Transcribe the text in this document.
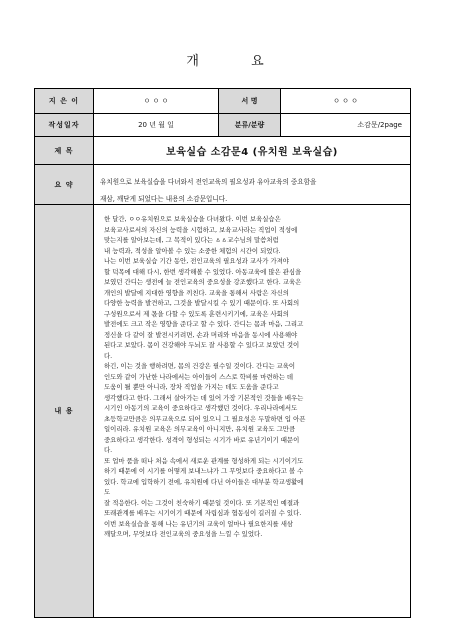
개 요
지 은 이	ㅇ ㅇ ㅇ	서 명	ㅇ ㅇ ㅇ
작성일자	20 년 월 일	분류/분량	소감문/2page
제 목	보육실습 소감문4 (유치원 보육실습)
요 약	유치원으로 보육실습을 다녀와서 전인교육의 필요성과 유아교육의 중요함을

재삼, 깨닫게 되었다는 내용의 소감문입니다.

내 용

한 달간, ㅇㅇ유치원으로 보육실습을 다녀왔다. 이번 보육실습은

보육교사로서의 자신의 능력을 시험하고, 보육교사라는 직업이 적성에

맞는지를 알아보는데, 그 목적이 있다는 ㅿㅿ교수님의 말씀처럼

내 능력과, 적성을 알아볼 수 있는 소중한 체험의 시간이 되었다.

나는 이번 보육실습 기간 동안, 전인교육의 필요성과 교사가 가져야

할 덕목에 대해 다시, 한번 생각해볼 수 있었다. 아동교육에 많은 관심을

보였던 간디는 생전에 늘 전인교육의 중요성을 강조했다고 한다. 교육은

개인의 발달에 지대한 영향을 끼친다. 교육을 통해서 사람은 자신의

다양한 능력을 발견하고, 그것을 발달시킬 수 있기 때문이다. 또 사회의

구성원으로서 제 몫을 다할 수 있도록 훈련시키기에, 교육은 사회의

발전에도 크고 작은 영향을 준다고 할 수 있다. 간디는 몸과 마음, 그리고

정신을 다 같이 잘 발전시키려면, 손과 머리와 마음을 동시에 사용해야

된다고 보았다. 몸이 건강해야 두뇌도 잘 사용할 수 있다고 보았던 것이

다.

하긴, 이는 것을 행하려면, 몸의 건강은 필수일 것이다. 간디는 교육이

인도와 같이 가난한 나라에서는 아이들이 스스로 학비를 마련하는 데

도움이 될 뿐만 아니라, 장차 직업을 가지는 데도 도움을 준다고

생각했다고 한다. 그래서 살아가는 데 있어 가장 기본적인 것들을 배우는

시기인 아동기의 교육이 중요하다고 생각했던 것이다. 우리나라에서도

초등학교만큼은 의무교육으로 되어 있으니 그 필요성은 두말하면 입 아픈

일이리라. 유치원 교육은 의무교육이 아니지만, 유치원 교육도 그만큼

중요하다고 생각한다. 성격이 형성되는 시기가 바로 유년기이기 때문이

다.

또 업마 품을 떠나 처음 속에서 새로운 관계를 형성하게 되는 시기이기도

하기 때문에 이 시기를 어떻게 보내느냐가 그 무엇보다 중요하다고 볼 수

있다. 학교에 입학하기 전에, 유치원에 다닌 아이들은 대부분 학교생활에

도

잘 적응한다. 이는 그것이 친숙하기 때문일 것이다. 또 기본적인 예절과

또래관계를 배우는 시기이기 때문에 자립심과 협동심이 길러질 수 있다.

이번 보육실습을 통해 나는 유년기의 교육이 얼마나 필요한지를 새삼

깨달으며, 무엇보다 전인교육의 중요성을 느낄 수 있었다.
